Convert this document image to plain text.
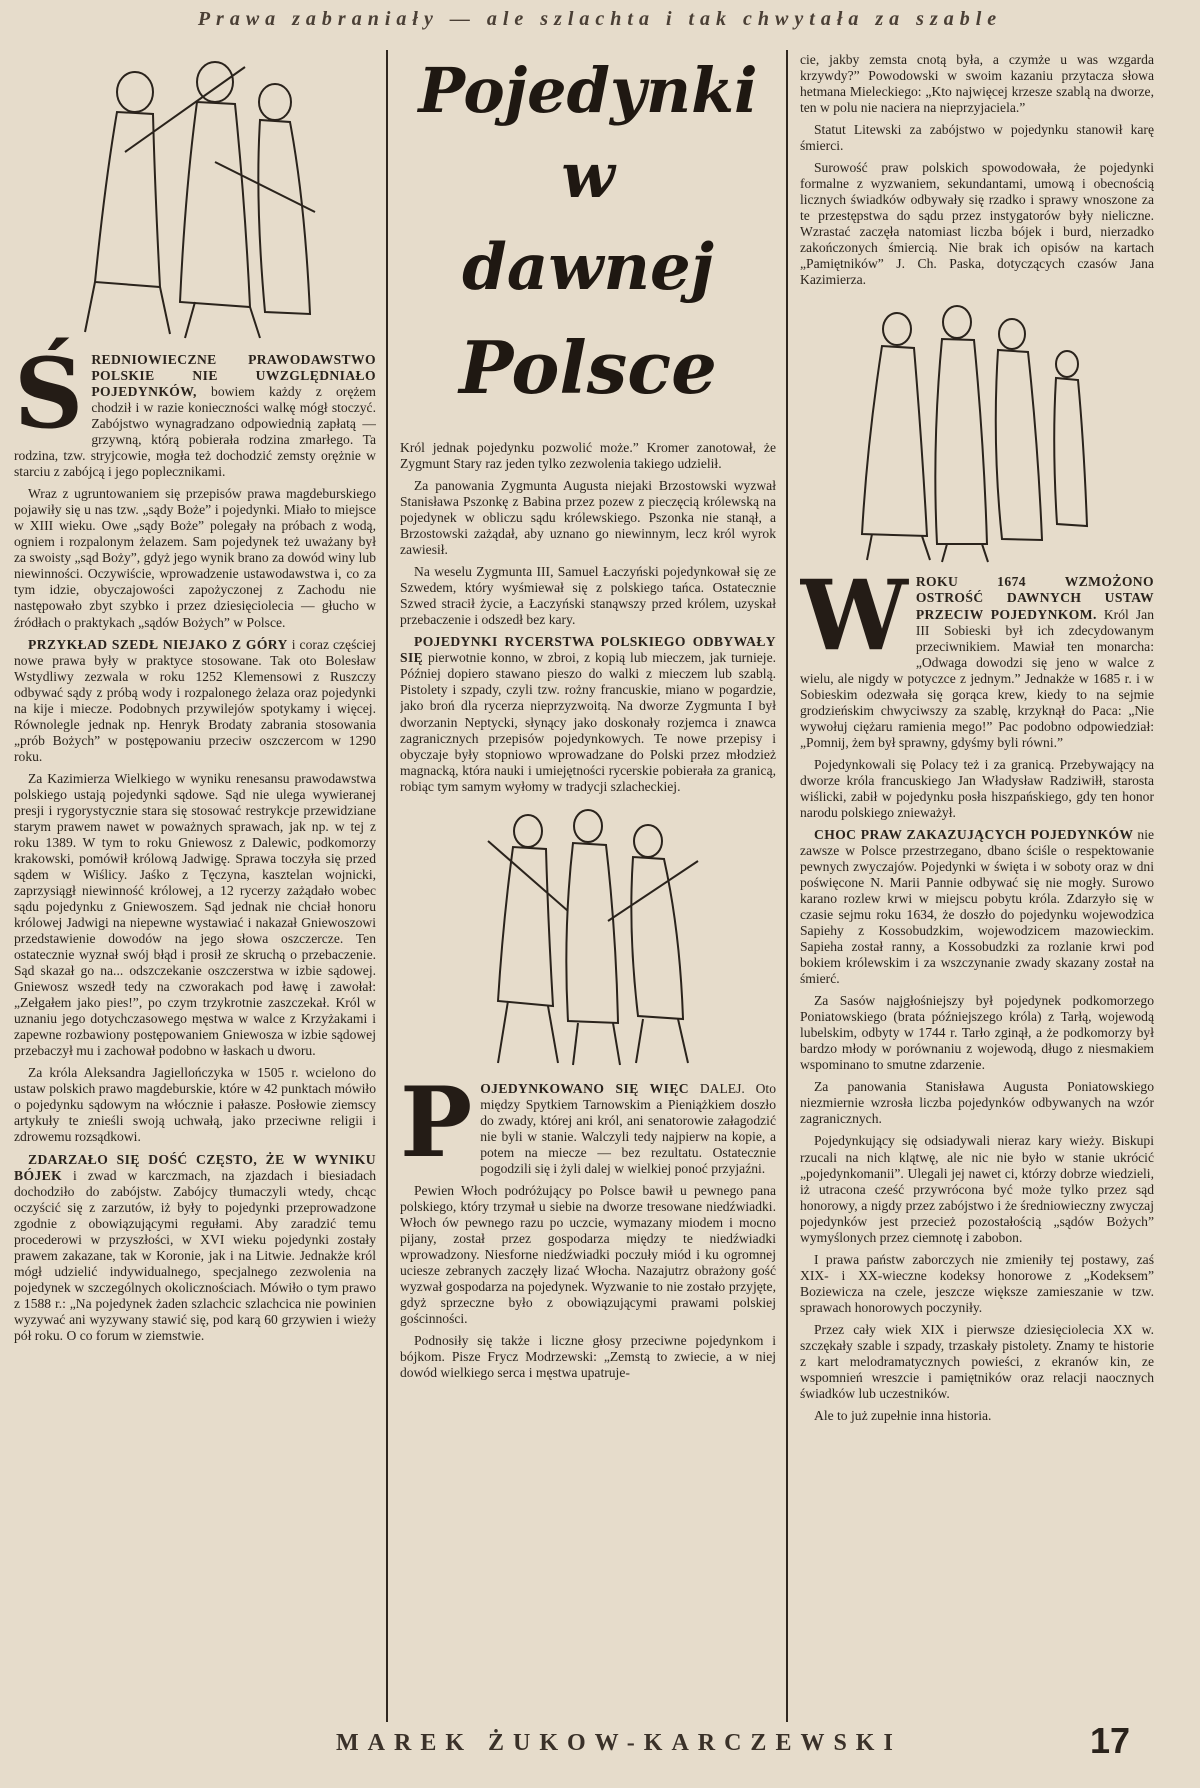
Prawa zabraniały — ale szlachta i tak chwytała za szable

ŚREDNIOWIECZNE PRAWODAWSTWO POLSKIE NIE UWZGLĘDNIAŁO POJEDYNKÓW, bowiem każdy z orężem chodził i w razie konieczności walkę mógł stoczyć. Zabójstwo wynagradzano odpowiednią zapłatą — grzywną, którą pobierała rodzina zmarłego. Ta rodzina, tzw. stryjcowie, mogła też dochodzić zemsty orężnie w starciu z zabójcą i jego poplecznikami.

Wraz z ugruntowaniem się przepisów prawa magdeburskiego pojawiły się u nas tzw. „sądy Boże” i pojedynki. Miało to miejsce w XIII wieku. Owe „sądy Boże” polegały na próbach z wodą, ogniem i rozpalonym żelazem. Sam pojedynek też uważany był za swoisty „sąd Boży”, gdyż jego wynik brano za dowód winy lub niewinności. Oczywiście, wprowadzenie ustawodawstwa i, co za tym idzie, obyczajowości zapożyczonej z Zachodu nie następowało zbyt szybko i przez dziesięciolecia — głucho w źródłach o praktykach „sądów Bożych” w Polsce.

PRZYKŁAD SZEDŁ NIEJAKO Z GÓRY i coraz częściej nowe prawa były w praktyce stosowane. Tak oto Bolesław Wstydliwy zezwala w roku 1252 Klemensowi z Ruszczy odbywać sądy z próbą wody i rozpalonego żelaza oraz pojedynki na kije i miecze. Podobnych przywilejów spotykamy i więcej. Równolegle jednak np. Henryk Brodaty zabrania stosowania „prób Bożych” w postępowaniu przeciw oszczercom w 1290 roku.

Za Kazimierza Wielkiego w wyniku renesansu prawodawstwa polskiego ustają pojedynki sądowe. Sąd nie ulega wywieranej presji i rygorystycznie stara się stosować restrykcje przewidziane starym prawem nawet w poważnych sprawach, jak np. w tej z roku 1389. W tym to roku Gniewosz z Dalewic, podkomorzy krakowski, pomówił królową Jadwigę. Sprawa toczyła się przed sądem w Wiślicy. Jaśko z Tęczyna, kasztelan wojnicki, zaprzysiągł niewinność królowej, a 12 rycerzy zażądało wobec sądu pojedynku z Gniewoszem. Sąd jednak nie chciał honoru królowej Jadwigi na niepewne wystawiać i nakazał Gniewoszowi przedstawienie dowodów na jego słowa oszczercze. Ten ostatecznie wyznał swój błąd i prosił ze skruchą o przebaczenie. Sąd skazał go na... odszczekanie oszczerstwa w izbie sądowej. Gniewosz wszedł tedy na czworakach pod ławę i zawołał: „Zełgałem jako pies!”, po czym trzykrotnie zaszczekał. Król w uznaniu jego dotychczasowego męstwa w walce z Krzyżakami i zapewne rozbawiony postępowaniem Gniewosza w izbie sądowej przebaczył mu i zachował podobno w łaskach u dworu.

Za króla Aleksandra Jagiellończyka w 1505 r. wcielono do ustaw polskich prawo magdeburskie, które w 42 punktach mówiło o pojedynku sądowym na włócznie i pałasze. Posłowie ziemscy artykuły te znieśli swoją uchwałą, jako przeciwne religii i zdrowemu rozsądkowi.

ZDARZAŁO SIĘ DOŚĆ CZĘSTO, ŻE W WYNIKU BÓJEK i zwad w karczmach, na zjazdach i biesiadach dochodziło do zabójstw. Zabójcy tłumaczyli wtedy, chcąc oczyścić się z zarzutów, iż były to pojedynki przeprowadzone zgodnie z obowiązującymi regułami. Aby zaradzić temu procederowi w przyszłości, w XVI wieku pojedynki zostały prawem zakazane, tak w Koronie, jak i na Litwie. Jednakże król mógł udzielić indywidualnego, specjalnego zezwolenia na pojedynek w szczególnych okolicznościach. Mówiło o tym prawo z 1588 r.: „Na pojedynek żaden szlachcic szlachcica nie powinien wyzywać ani wyzywany stawić się, pod karą 60 grzywien i wieży pół roku. O co forum w ziemstwie.

Pojedynki
w
dawnej
Polsce

Król jednak pojedynku pozwolić może.” Kromer zanotował, że Zygmunt Stary raz jeden tylko zezwolenia takiego udzielił.

Za panowania Zygmunta Augusta niejaki Brzostowski wyzwał Stanisława Pszonkę z Babina przez pozew z pieczęcią królewską na pojedynek w obliczu sądu królewskiego. Pszonka nie stanął, a Brzostowski zażądał, aby uznano go niewinnym, lecz król wyrok zawiesił.

Na weselu Zygmunta III, Samuel Łaczyński pojedynkował się ze Szwedem, który wyśmiewał się z polskiego tańca. Ostatecznie Szwed stracił życie, a Łaczyński stanąwszy przed królem, uzyskał przebaczenie i odszedł bez kary.

POJEDYNKI RYCERSTWA POLSKIEGO ODBYWAŁY SIĘ pierwotnie konno, w zbroi, z kopią lub mieczem, jak turnieje. Później dopiero stawano pieszo do walki z mieczem lub szablą. Pistolety i szpady, czyli tzw. rożny francuskie, miano w pogardzie, jako broń dla rycerza nieprzyzwoitą. Na dworze Zygmunta I był dworzanin Neptycki, słynący jako doskonały rozjemca i znawca zagranicznych przepisów pojedynkowych. Te nowe przepisy i obyczaje były stopniowo wprowadzane do Polski przez młodzież magnacką, która nauki i umiejętności rycerskie pobierała za granicą, robiąc tym samym wyłomy w tradycji szlacheckiej.

POJEDYNKOWANO SIĘ WIĘC DALEJ. Oto między Spytkiem Tarnowskim a Pieniążkiem doszło do zwady, której ani król, ani senatorowie załagodzić nie byli w stanie. Walczyli tedy najpierw na kopie, a potem na miecze — bez rezultatu. Ostatecznie pogodzili się i żyli dalej w wielkiej ponoć przyjaźni.

Pewien Włoch podróżujący po Polsce bawił u pewnego pana polskiego, który trzymał u siebie na dworze tresowane niedźwiadki. Włoch ów pewnego razu po uczcie, wymazany miodem i mocno pijany, został przez gospodarza między te niedźwiadki wprowadzony. Niesforne niedźwiadki poczuły miód i ku ogromnej uciesze zebranych zaczęły lizać Włocha. Nazajutrz obrażony gość wyzwał gospodarza na pojedynek. Wyzwanie to nie zostało przyjęte, gdyż sprzeczne było z obowiązującymi prawami polskiej gościnności.

Podnosiły się także i liczne głosy przeciwne pojedynkom i bójkom. Pisze Frycz Modrzewski: „Zemstą to zwiecie, a w niej dowód wielkiego serca i męstwa upatruje-

cie, jakby zemsta cnotą była, a czymże u was wzgarda krzywdy?” Powodowski w swoim kazaniu przytacza słowa hetmana Mieleckiego: „Kto najwięcej krzesze szablą na dworze, ten w polu nie naciera na nieprzyjaciela.”

Statut Litewski za zabójstwo w pojedynku stanowił karę śmierci.

Surowość praw polskich spowodowała, że pojedynki formalne z wyzwaniem, sekundantami, umową i obecnością licznych świadków odbywały się rzadko i sprawy wnoszone za te przestępstwa do sądu przez instygatorów były nieliczne. Wzrastać zaczęła natomiast liczba bójek i burd, nierzadko zakończonych śmiercią. Nie brak ich opisów na kartach „Pamiętników” J. Ch. Paska, dotyczących czasów Jana Kazimierza.

WROKU 1674 WZMOŻONO OSTROŚĆ DAWNYCH USTAW PRZECIW POJEDYNKOM. Król Jan III Sobieski był ich zdecydowanym przeciwnikiem. Mawiał ten monarcha: „Odwaga dowodzi się jeno w walce z wielu, ale nigdy w potyczce z jednym.” Jednakże w 1685 r. i w Sobieskim odezwała się gorąca krew, kiedy to na sejmie grodzieńskim chwyciwszy za szablę, krzyknął do Paca: „Nie wywołuj ciężaru ramienia mego!” Pac podobno odpowiedział: „Pomnij, żem był sprawny, gdyśmy byli równi.”

Pojedynkowali się Polacy też i za granicą. Przebywający na dworze króla francuskiego Jan Władysław Radziwiłł, starosta wiślicki, zabił w pojedynku posła hiszpańskiego, gdy ten honor narodu polskiego znieważył.

CHOC PRAW ZAKAZUJĄCYCH POJEDYNKÓW nie zawsze w Polsce przestrzegano, dbano ściśle o respektowanie pewnych zwyczajów. Pojedynki w święta i w soboty oraz w dni poświęcone N. Marii Pannie odbywać się nie mogły. Surowo karano rozlew krwi w miejscu pobytu króla. Zdarzyło się w czasie sejmu roku 1634, że doszło do pojedynku wojewodzica Sapiehy z Kossobudzkim, wojewodzicem mazowieckim. Sapieha został ranny, a Kossobudzki za rozlanie krwi pod bokiem królewskim i za wszczynanie zwady skazany został na śmierć.

Za Sasów najgłośniejszy był pojedynek podkomorzego Poniatowskiego (brata późniejszego króla) z Tarłą, wojewodą lubelskim, odbyty w 1744 r. Tarło zginął, a że podkomorzy był bardzo młody w porównaniu z wojewodą, długo z niesmakiem wspominano to smutne zdarzenie.

Za panowania Stanisława Augusta Poniatowskiego niezmiernie wzrosła liczba pojedynków odbywanych na wzór zagranicznych.

Pojedynkujący się odsiadywali nieraz kary wieży. Biskupi rzucali na nich klątwę, ale nic nie było w stanie ukrócić „pojedynkomanii”. Ulegali jej nawet ci, którzy dobrze wiedzieli, iż utracona cześć przywrócona być może tylko przez sąd honorowy, a nigdy przez zabójstwo i że średniowieczny zwyczaj pojedynków jest przecież pozostałością „sądów Bożych” wymyślonych przez ciemnotę i zabobon.

I prawa państw zaborczych nie zmieniły tej postawy, zaś XIX- i XX-wieczne kodeksy honorowe z „Kodeksem” Boziewicza na czele, jeszcze większe zamieszanie w tzw. sprawach honorowych poczyniły.

Przez cały wiek XIX i pierwsze dziesięciolecia XX w. szczękały szable i szpady, trzaskały pistolety. Znamy te historie z kart melodramatycznych powieści, z ekranów kin, ze wspomnień wreszcie i pamiętników oraz relacji naocznych świadków lub uczestników.

Ale to już zupełnie inna historia.

MAREK ŻUKOW-KARCZEWSKI	17
